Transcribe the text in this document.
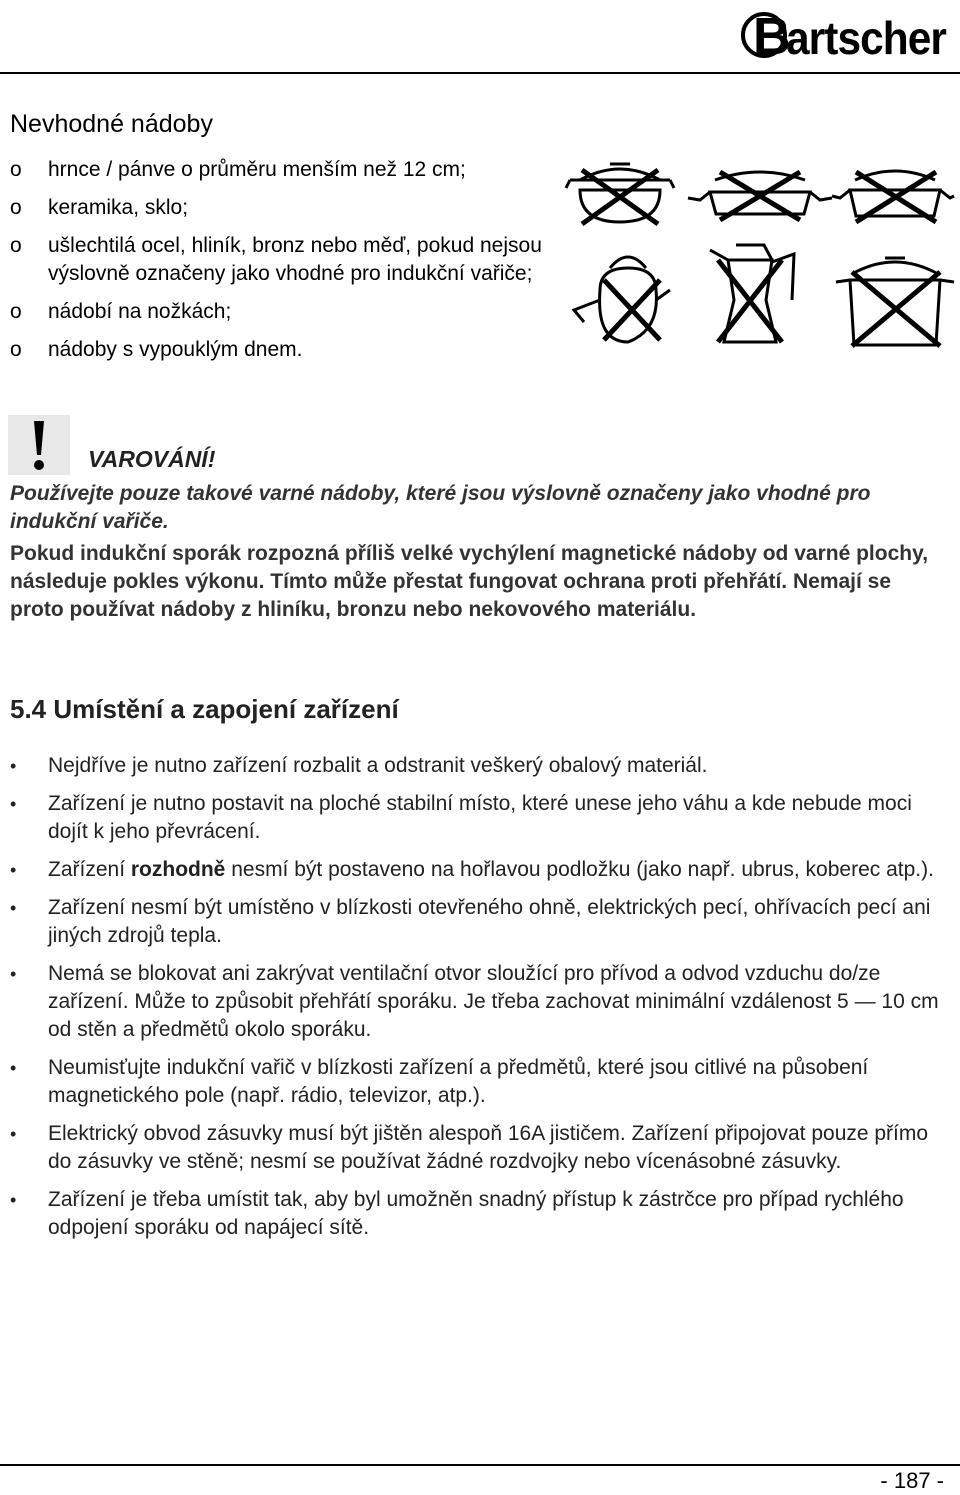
B
artscher
Nevhodné nádoby
o	hrnce / pánve o průměru menším než 12 cm;
o	keramika, sklo;
o	ušlechtilá ocel, hliník, bronz nebo měď, pokud nejsou výslovně označeny jako vhodné pro indukční vařiče;
o	nádobí na nožkách;
o	nádoby s vypouklým dnem.
VAROVÁNÍ!

Používejte pouze takové varné nádoby, které jsou výslovně označeny jako vhodné pro indukční vařiče.

Pokud indukční sporák rozpozná příliš velké vychýlení magnetické nádoby od varné plochy, následuje pokles výkonu. Tímto může přestat fungovat ochrana proti přehřátí. Nemají se proto používat nádoby z hliníku, bronzu nebo nekovového materiálu.

5.4 Umístění a zapojení zařízení
•	Nejdříve je nutno zařízení rozbalit a odstranit veškerý obalový materiál.
•	Zařízení je nutno postavit na ploché stabilní místo, které unese jeho váhu a kde nebude moci dojít k jeho převrácení.
•	Zařízení rozhodně nesmí být postaveno na hořlavou podložku (jako např. ubrus, koberec atp.).
•	Zařízení nesmí být umístěno v blízkosti otevřeného ohně, elektrických pecí, ohřívacích pecí ani jiných zdrojů tepla.
•	Nemá se blokovat ani zakrývat ventilační otvor sloužící pro přívod a odvod vzduchu do/ze zařízení. Může to způsobit přehřátí sporáku. Je třeba zachovat minimální vzdálenost 5 — 10 cm od stěn a předmětů okolo sporáku.
•	Neumisťujte indukční vařič v blízkosti zařízení a předmětů, které jsou citlivé na působení magnetického pole (např. rádio, televizor, atp.).
•	Elektrický obvod zásuvky musí být jištěn alespoň 16A jističem. Zařízení připojovat pouze přímo do zásuvky ve stěně; nesmí se používat žádné rozdvojky nebo vícenásobné zásuvky.
•	Zařízení je třeba umístit tak, aby byl umožněn snadný přístup k zástrčce pro případ rychlého odpojení sporáku od napájecí sítě.
- 187 -
